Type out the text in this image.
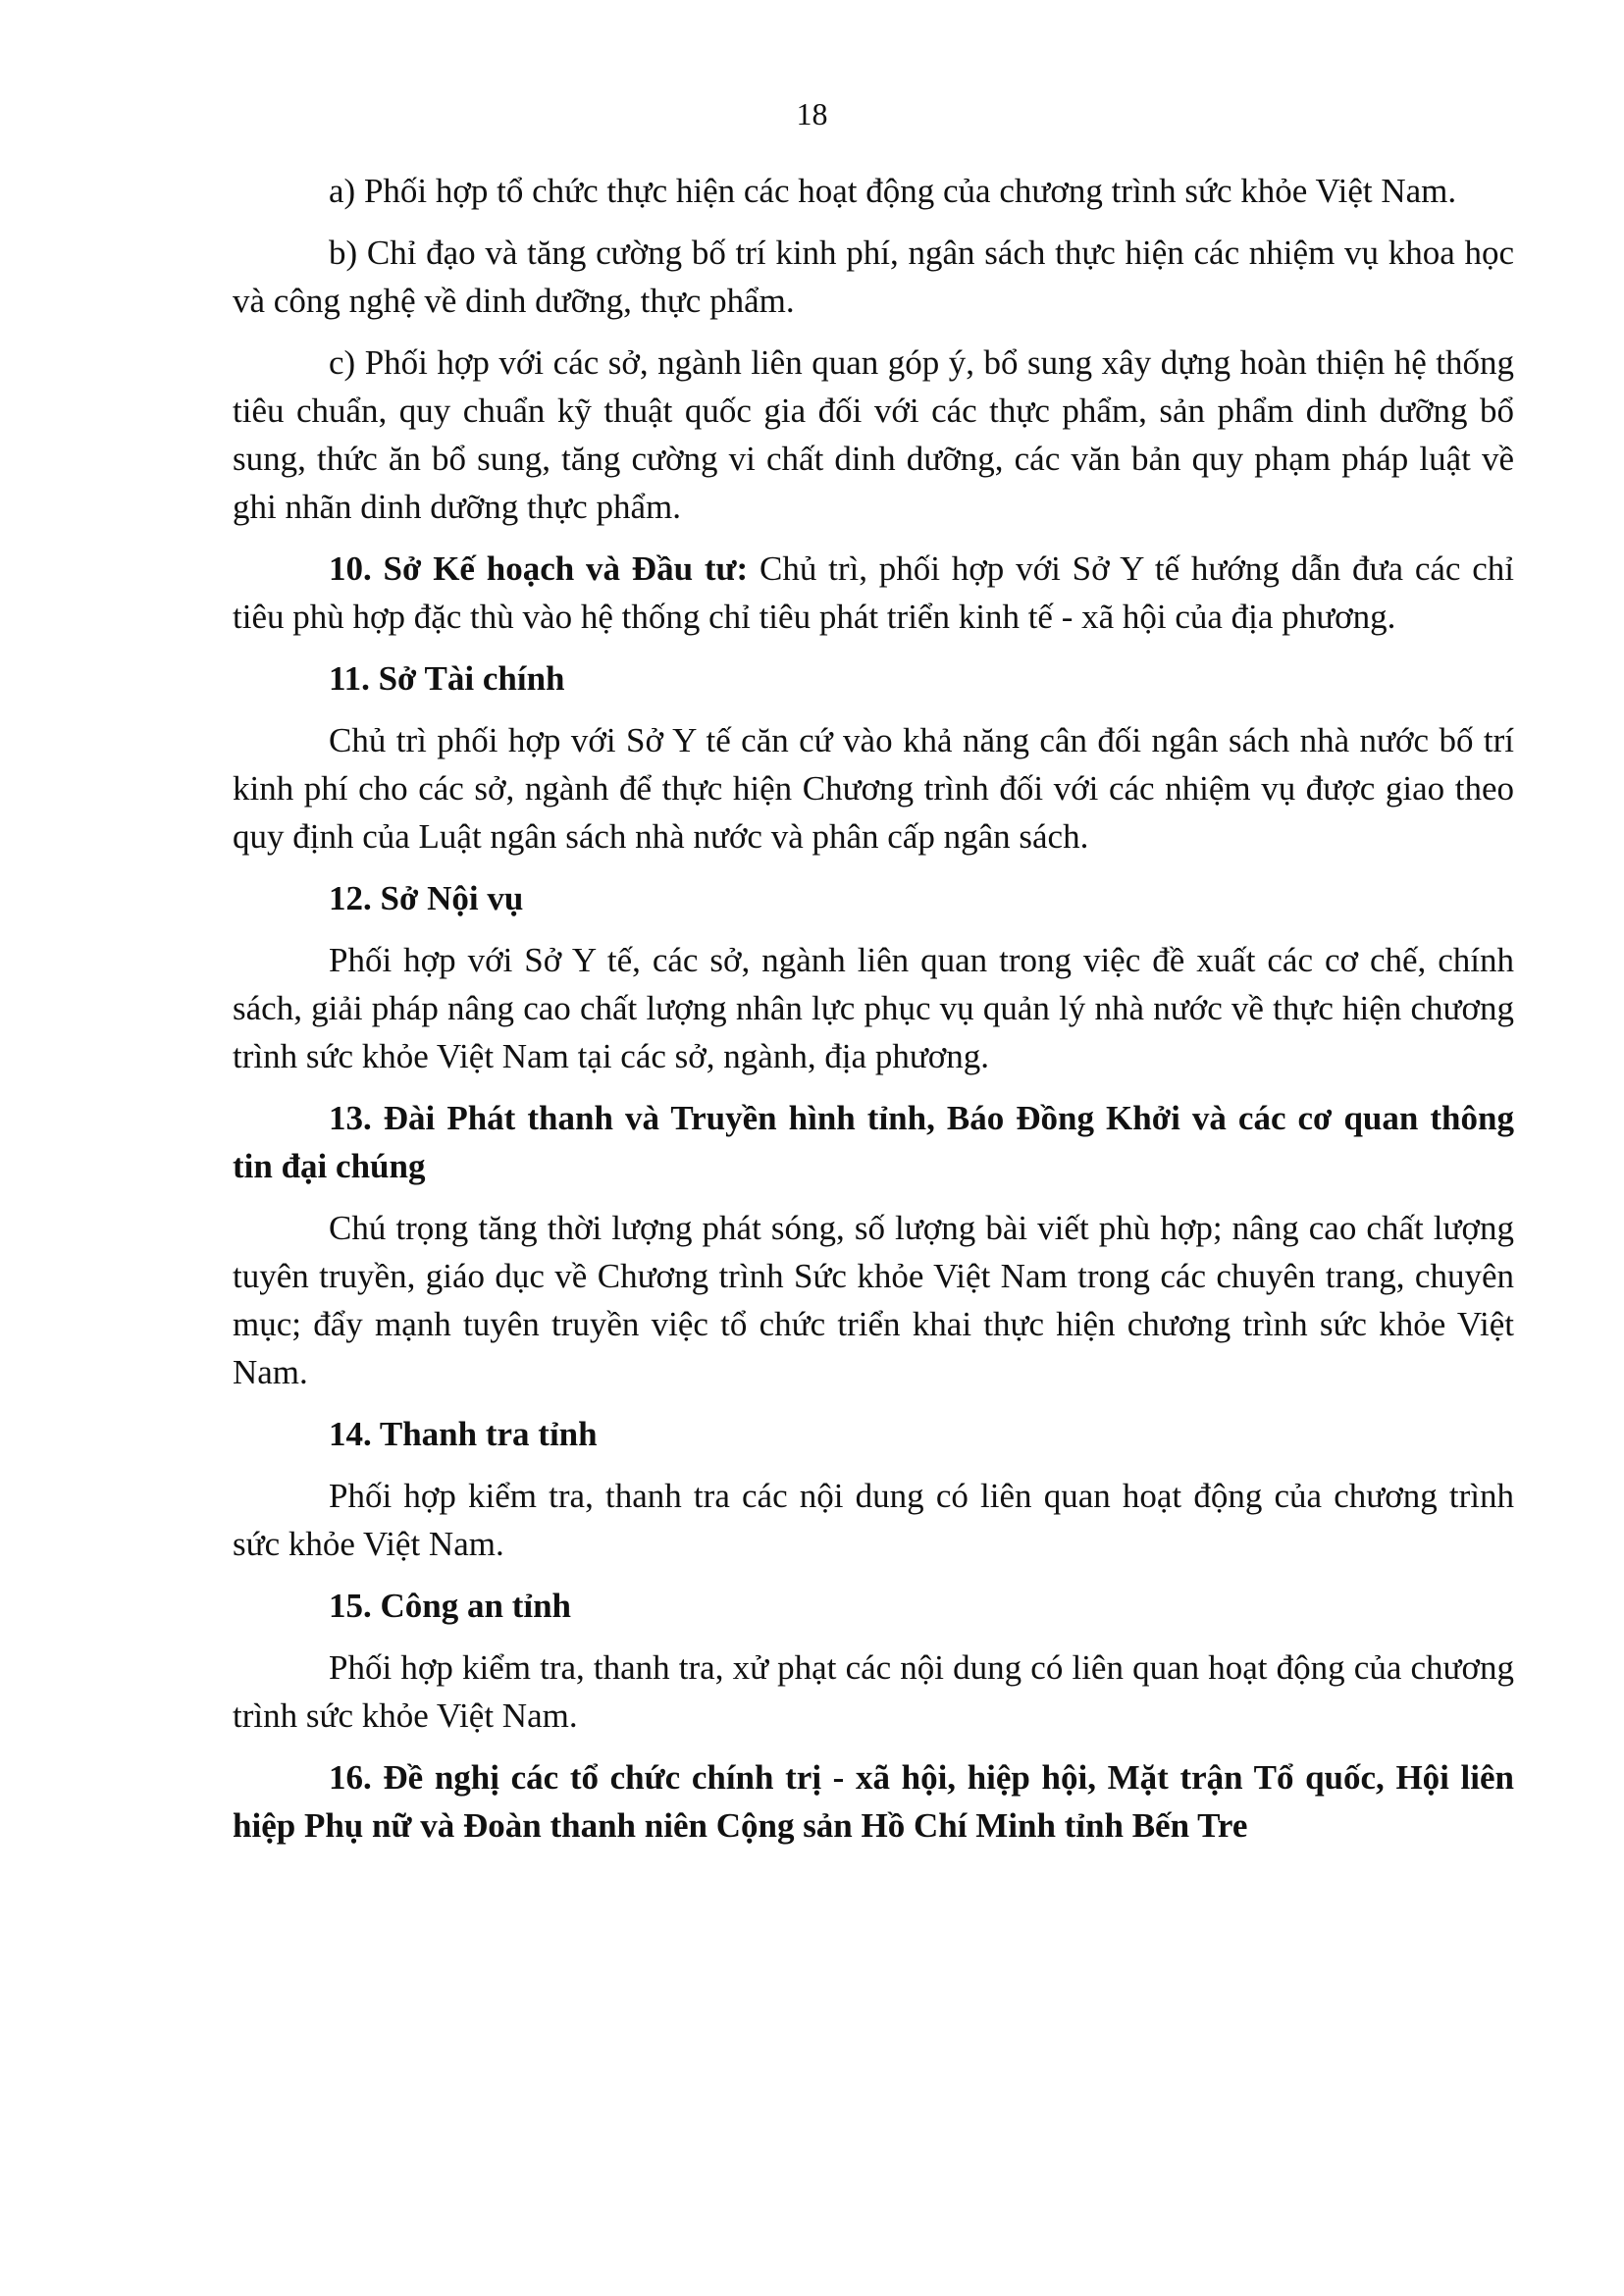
18

a) Phối hợp tổ chức thực hiện các hoạt động của chương trình sức khỏe Việt Nam.

b) Chỉ đạo và tăng cường bố trí kinh phí, ngân sách thực hiện các nhiệm vụ khoa học và công nghệ về dinh dưỡng, thực phẩm.

c) Phối hợp với các sở, ngành liên quan góp ý, bổ sung xây dựng hoàn thiện hệ thống tiêu chuẩn, quy chuẩn kỹ thuật quốc gia đối với các thực phẩm, sản phẩm dinh dưỡng bổ sung, thức ăn bổ sung, tăng cường vi chất dinh dưỡng, các văn bản quy phạm pháp luật về ghi nhãn dinh dưỡng thực phẩm.

10. Sở Kế hoạch và Đầu tư: Chủ trì, phối hợp với Sở Y tế hướng dẫn đưa các chỉ tiêu phù hợp đặc thù vào hệ thống chỉ tiêu phát triển kinh tế - xã hội của địa phương.

11. Sở Tài chính

Chủ trì phối hợp với Sở Y tế căn cứ vào khả năng cân đối ngân sách nhà nước bố trí kinh phí cho các sở, ngành để thực hiện Chương trình đối với các nhiệm vụ được giao theo quy định của Luật ngân sách nhà nước và phân cấp ngân sách.

12. Sở Nội vụ

Phối hợp với Sở Y tế, các sở, ngành liên quan trong việc đề xuất các cơ chế, chính sách, giải pháp nâng cao chất lượng nhân lực phục vụ quản lý nhà nước về thực hiện chương trình sức khỏe Việt Nam tại các sở, ngành, địa phương.

13. Đài Phát thanh và Truyền hình tỉnh, Báo Đồng Khởi và các cơ quan thông tin đại chúng

Chú trọng tăng thời lượng phát sóng, số lượng bài viết phù hợp; nâng cao chất lượng tuyên truyền, giáo dục về Chương trình Sức khỏe Việt Nam trong các chuyên trang, chuyên mục; đẩy mạnh tuyên truyền việc tổ chức triển khai thực hiện chương trình sức khỏe Việt Nam.

14. Thanh tra tỉnh

Phối hợp kiểm tra, thanh tra các nội dung có liên quan hoạt động của chương trình sức khỏe Việt Nam.

15. Công an tỉnh

Phối hợp kiểm tra, thanh tra, xử phạt các nội dung có liên quan hoạt động của chương trình sức khỏe Việt Nam.

16. Đề nghị các tổ chức chính trị - xã hội, hiệp hội, Mặt trận Tổ quốc, Hội liên hiệp Phụ nữ và Đoàn thanh niên Cộng sản Hồ Chí Minh tỉnh Bến Tre
